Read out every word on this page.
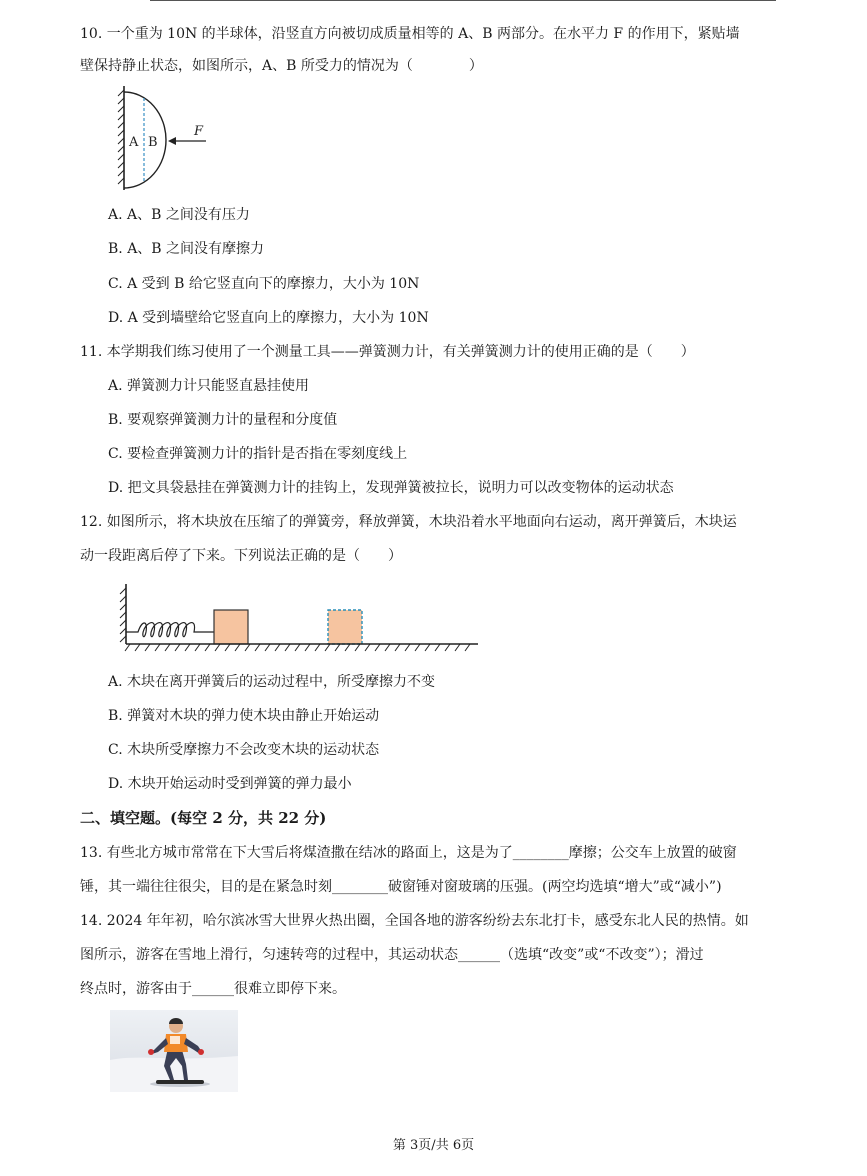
10. 一个重为 10N 的半球体，沿竖直方向被切成质量相等的 A、B 两部分。在水平力 F 的作用下，紧贴墙
壁保持静止状态，如图所示，A、B 所受力的情况为（　　　　）
A B
F
A. A、B 之间没有压力
B. A、B 之间没有摩擦力
C. A 受到 B 给它竖直向下的摩擦力，大小为 10N
D. A 受到墙壁给它竖直向上的摩擦力，大小为 10N
11. 本学期我们练习使用了一个测量工具——弹簧测力计，有关弹簧测力计的使用正确的是（　　）
A. 弹簧测力计只能竖直悬挂使用
B. 要观察弹簧测力计的量程和分度值
C. 要检查弹簧测力计的指针是否指在零刻度线上
D. 把文具袋悬挂在弹簧测力计的挂钩上，发现弹簧被拉长，说明力可以改变物体的运动状态
12. 如图所示，将木块放在压缩了的弹簧旁，释放弹簧，木块沿着水平地面向右运动，离开弹簧后，木块运
动一段距离后停了下来。下列说法正确的是（　　）
A. 木块在离开弹簧后的运动过程中，所受摩擦力不变
B. 弹簧对木块的弹力使木块由静止开始运动
C. 木块所受摩擦力不会改变木块的运动状态
D. 木块开始运动时受到弹簧的弹力最小
二、填空题。(每空 2 分，共 22 分)
13. 有些北方城市常常在下大雪后将煤渣撒在结冰的路面上，这是为了________摩擦；公交车上放置的破窗
锤，其一端往往很尖，目的是在紧急时刻________破窗锤对窗玻璃的压强。(两空均选填“增大”或“减小”)
14. 2024 年年初，哈尔滨冰雪大世界火热出圈，全国各地的游客纷纷去东北打卡，感受东北人民的热情。如
图所示，游客在雪地上滑行，匀速转弯的过程中，其运动状态______（选填“改变”或“不改变”）；滑过
终点时，游客由于______很难立即停下来。
第 3页/共 6页
